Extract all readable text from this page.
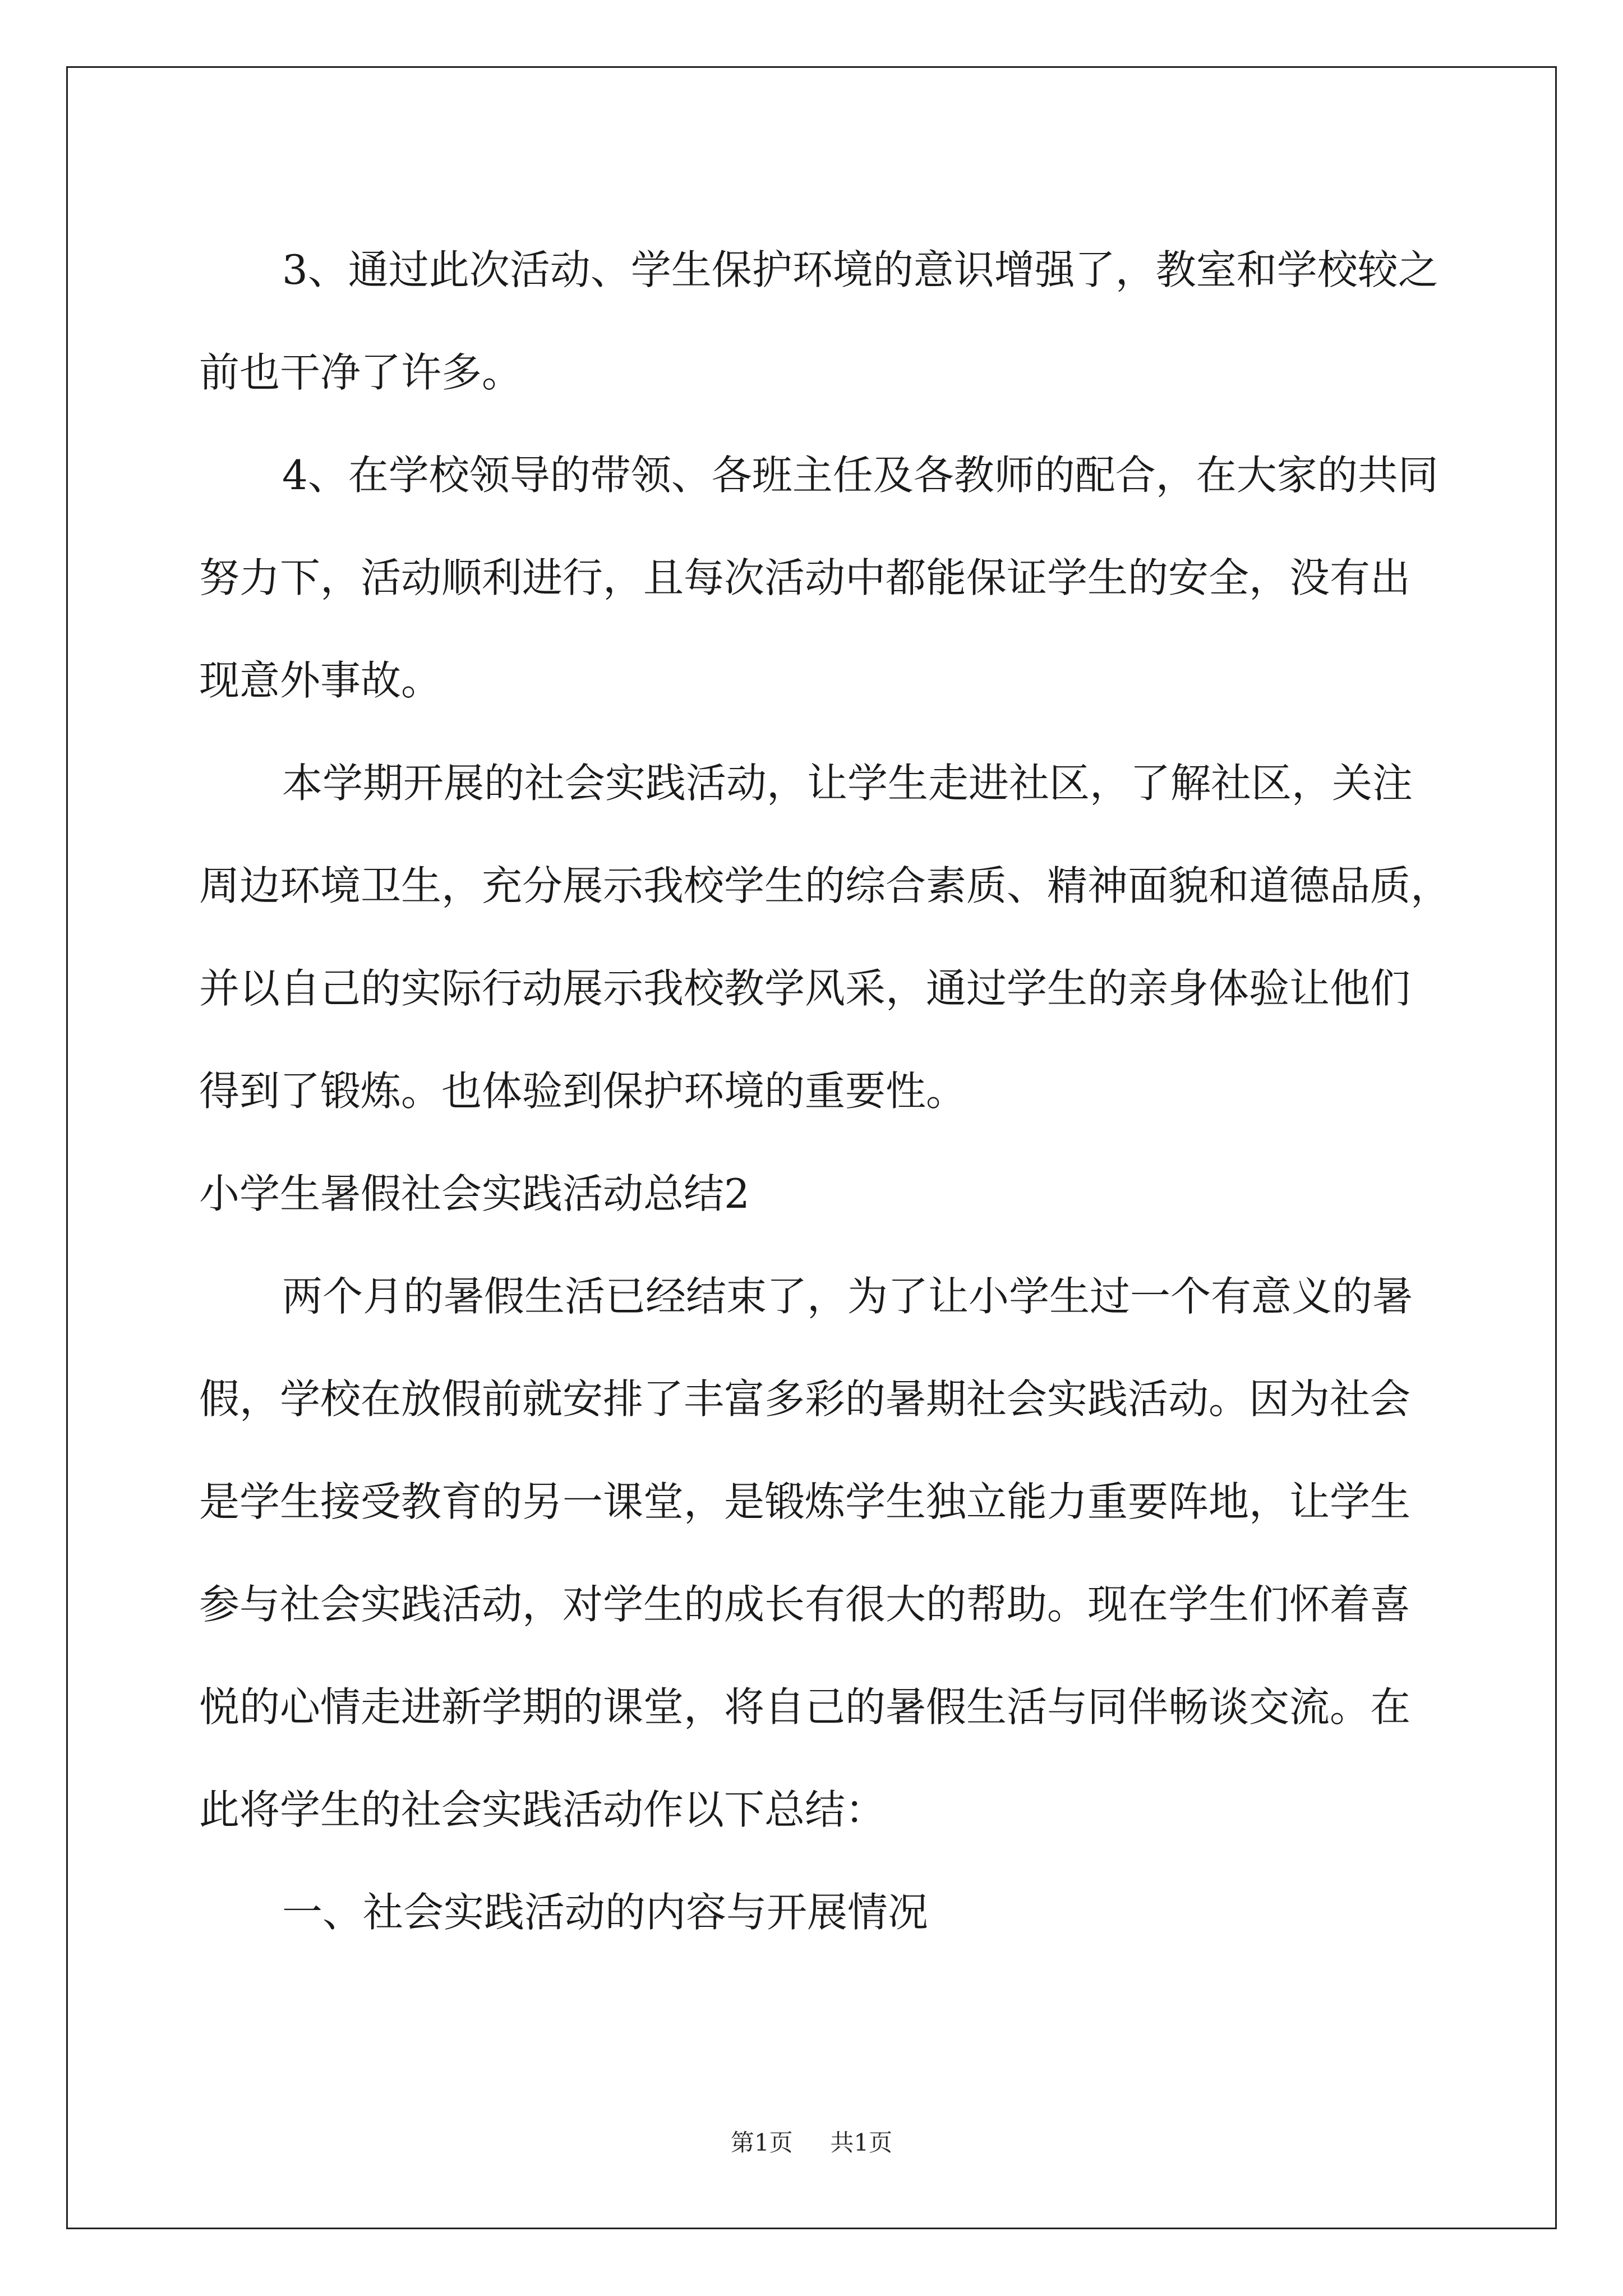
3、通过此次活动、学生保护环境的意识增强了，教室和学校较之
前也干净了许多。

4、在学校领导的带领、各班主任及各教师的配合，在大家的共同
努力下，活动顺利进行，且每次活动中都能保证学生的安全，没有出
现意外事故。

本学期开展的社会实践活动，让学生走进社区，了解社区，关注
周边环境卫生，充分展示我校学生的综合素质、精神面貌和道德品质，
并以自己的实际行动展示我校教学风采，通过学生的亲身体验让他们
得到了锻炼。也体验到保护环境的重要性。

小学生暑假社会实践活动总结2

两个月的暑假生活已经结束了，为了让小学生过一个有意义的暑
假，学校在放假前就安排了丰富多彩的暑期社会实践活动。因为社会
是学生接受教育的另一课堂，是锻炼学生独立能力重要阵地，让学生
参与社会实践活动，对学生的成长有很大的帮助。现在学生们怀着喜
悦的心情走进新学期的课堂，将自己的暑假生活与同伴畅谈交流。在
此将学生的社会实践活动作以下总结：

一、社会实践活动的内容与开展情况

第1页 共1页
